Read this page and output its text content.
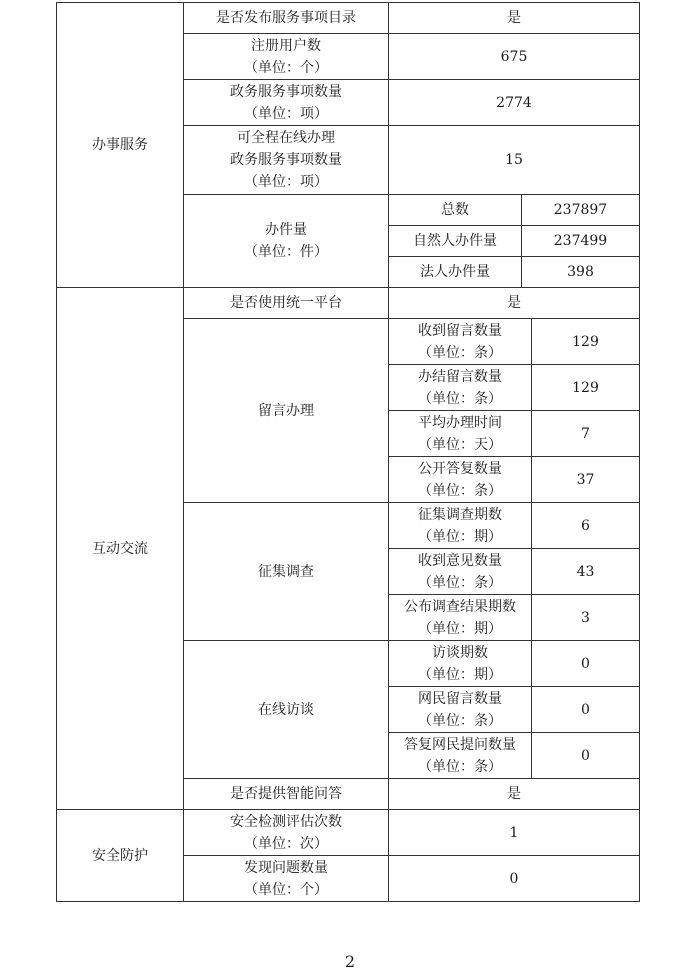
办事服务	是否发布服务事项目录	是		

	注册用户数
（单位：个）	675		

	政务服务事项数量
（单位：项）	2774		

	可全程在线办理
政务服务事项数量
（单位：项）	15		

	办件量
（单位：件）	总数	237897	
		自然人办件量	237499	
		法人办件量	398	
互动交流	是否使用统一平台	是		
	留言办理	收到留言数量
（单位：条）		129

		办结留言数量
（单位：条）		129

		平均办理时间
（单位：天）		7

		公开答复数量
（单位：条）		37
	征集调查	征集调查期数
（单位：期）		6

		收到意见数量
（单位：条）		43

		公布调查结果期数
（单位：期）		3
	在线访谈	访谈期数
（单位：期）		0

		网民留言数量
（单位：条）		0

		答复网民提问数量
（单位：条）		0
	是否提供智能问答	是		
安全防护	安全检测评估次数
（单位：次）	1		

	发现问题数量
（单位：个）	0		
2
